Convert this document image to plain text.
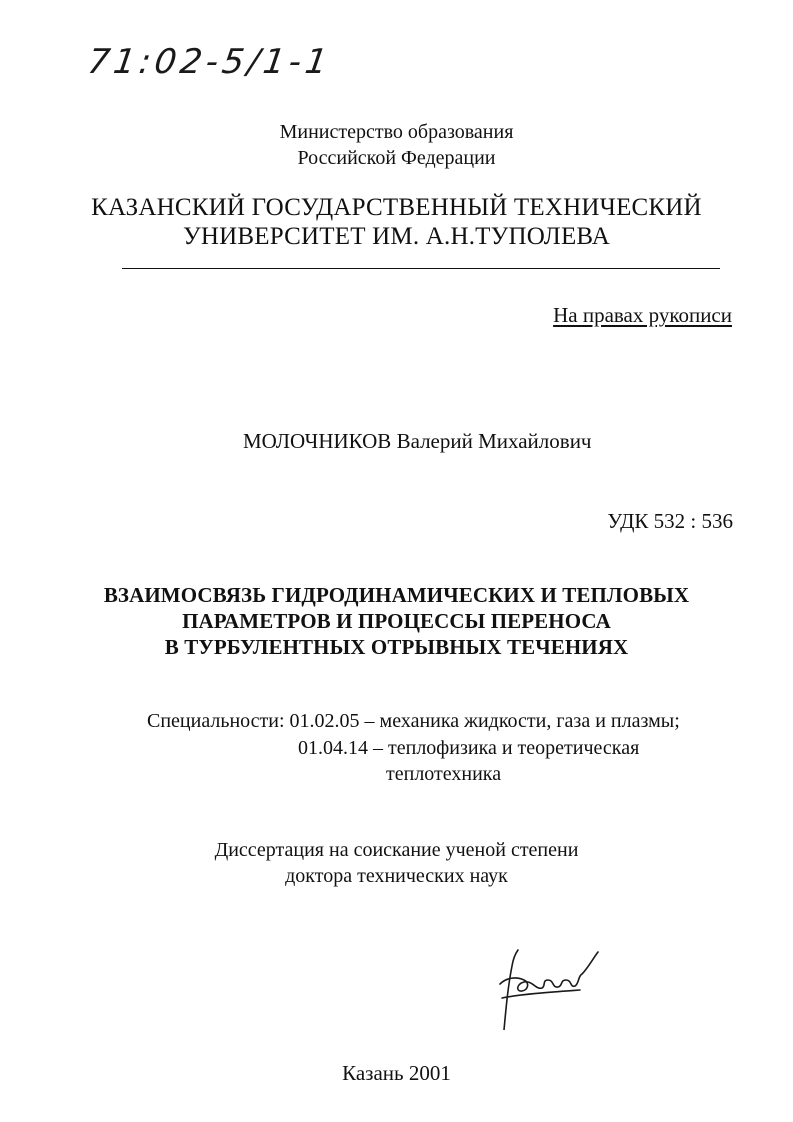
71:02-5/1-1
Министерство образования
Российской Федерации
КАЗАНСКИЙ ГОСУДАРСТВЕННЫЙ ТЕХНИЧЕСКИЙ
УНИВЕРСИТЕТ ИМ. А.Н.ТУПОЛЕВА
На правах рукописи
МОЛОЧНИКОВ Валерий Михайлович
УДК 532 : 536
ВЗАИМОСВЯЗЬ ГИДРОДИНАМИЧЕСКИХ И ТЕПЛОВЫХ
ПАРАМЕТРОВ И ПРОЦЕССЫ ПЕРЕНОСА
В ТУРБУЛЕНТНЫХ ОТРЫВНЫХ ТЕЧЕНИЯХ
Специальности: 01.02.05 – механика жидкости, газа и плазмы;
01.04.14 – теплофизика и теоретическая
теплотехника
Диссертация на соискание ученой степени
доктора технических наук
Казань 2001
